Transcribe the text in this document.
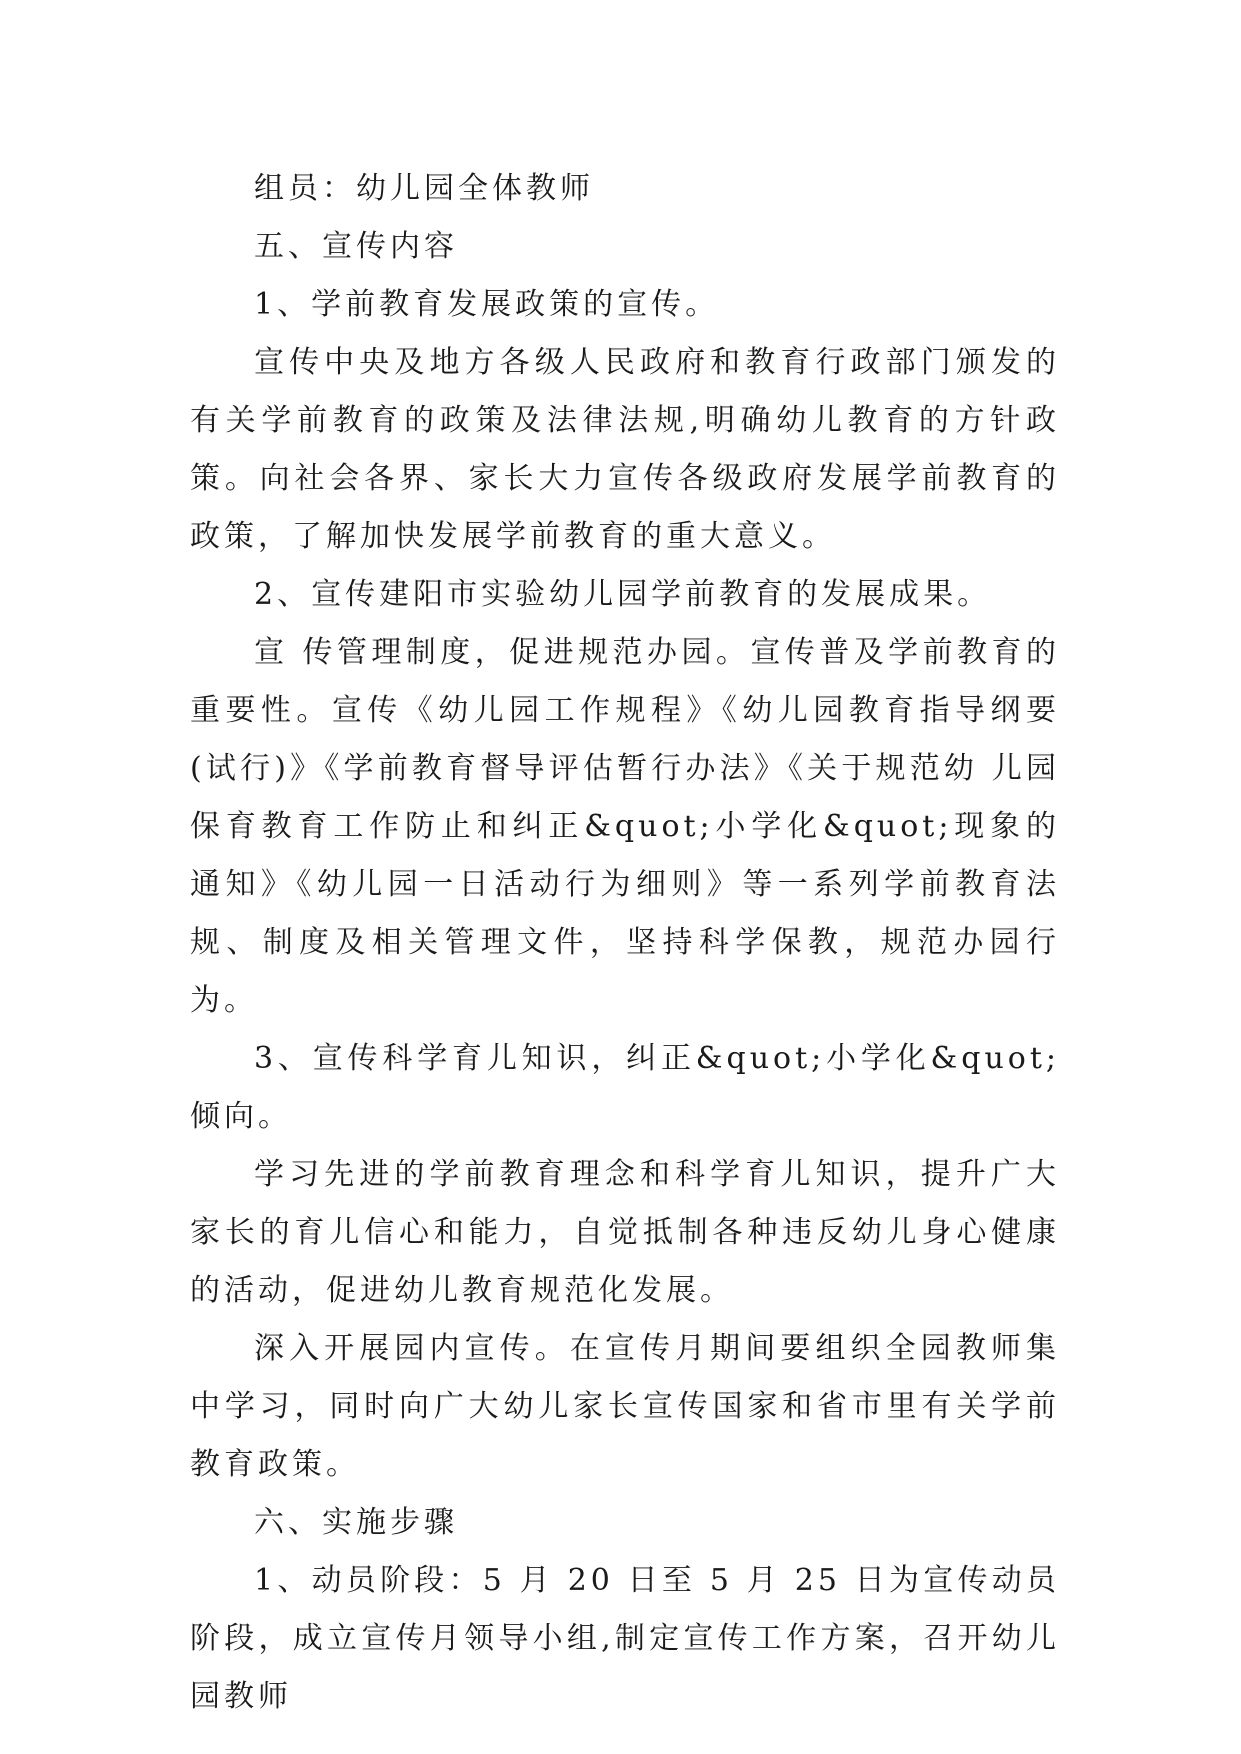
组员：幼儿园全体教师

五、宣传内容

1、学前教育发展政策的宣传。

宣传中央及地方各级人民政府和教育行政部门颁发的有关学前教育的政策及法律法规,明确幼儿教育的方针政策。向社会各界、家长大力宣传各级政府发展学前教育的政策，了解加快发展学前教育的重大意义。

2、宣传建阳市实验幼儿园学前教育的发展成果。

宣 传管理制度，促进规范办园。宣传普及学前教育的重要性。宣传《幼儿园工作规程》《幼儿园教育指导纲要(试行)》《学前教育督导评估暂行办法》《关于规范幼 儿园保育教育工作防止和纠正&quot;小学化&quot;现象的通知》《幼儿园一日活动行为细则》等一系列学前教育法规、制度及相关管理文件，坚持科学保教，规范办园行为。

3、宣传科学育儿知识，纠正&quot;小学化&quot;倾向。

学习先进的学前教育理念和科学育儿知识，提升广大家长的育儿信心和能力，自觉抵制各种违反幼儿身心健康的活动，促进幼儿教育规范化发展。

深入开展园内宣传。在宣传月期间要组织全园教师集中学习，同时向广大幼儿家长宣传国家和省市里有关学前教育政策。

六、实施步骤

1、动员阶段：5 月 20 日至 5 月 25 日为宣传动员阶段，成立宣传月领导小组,制定宣传工作方案，召开幼儿园教师
